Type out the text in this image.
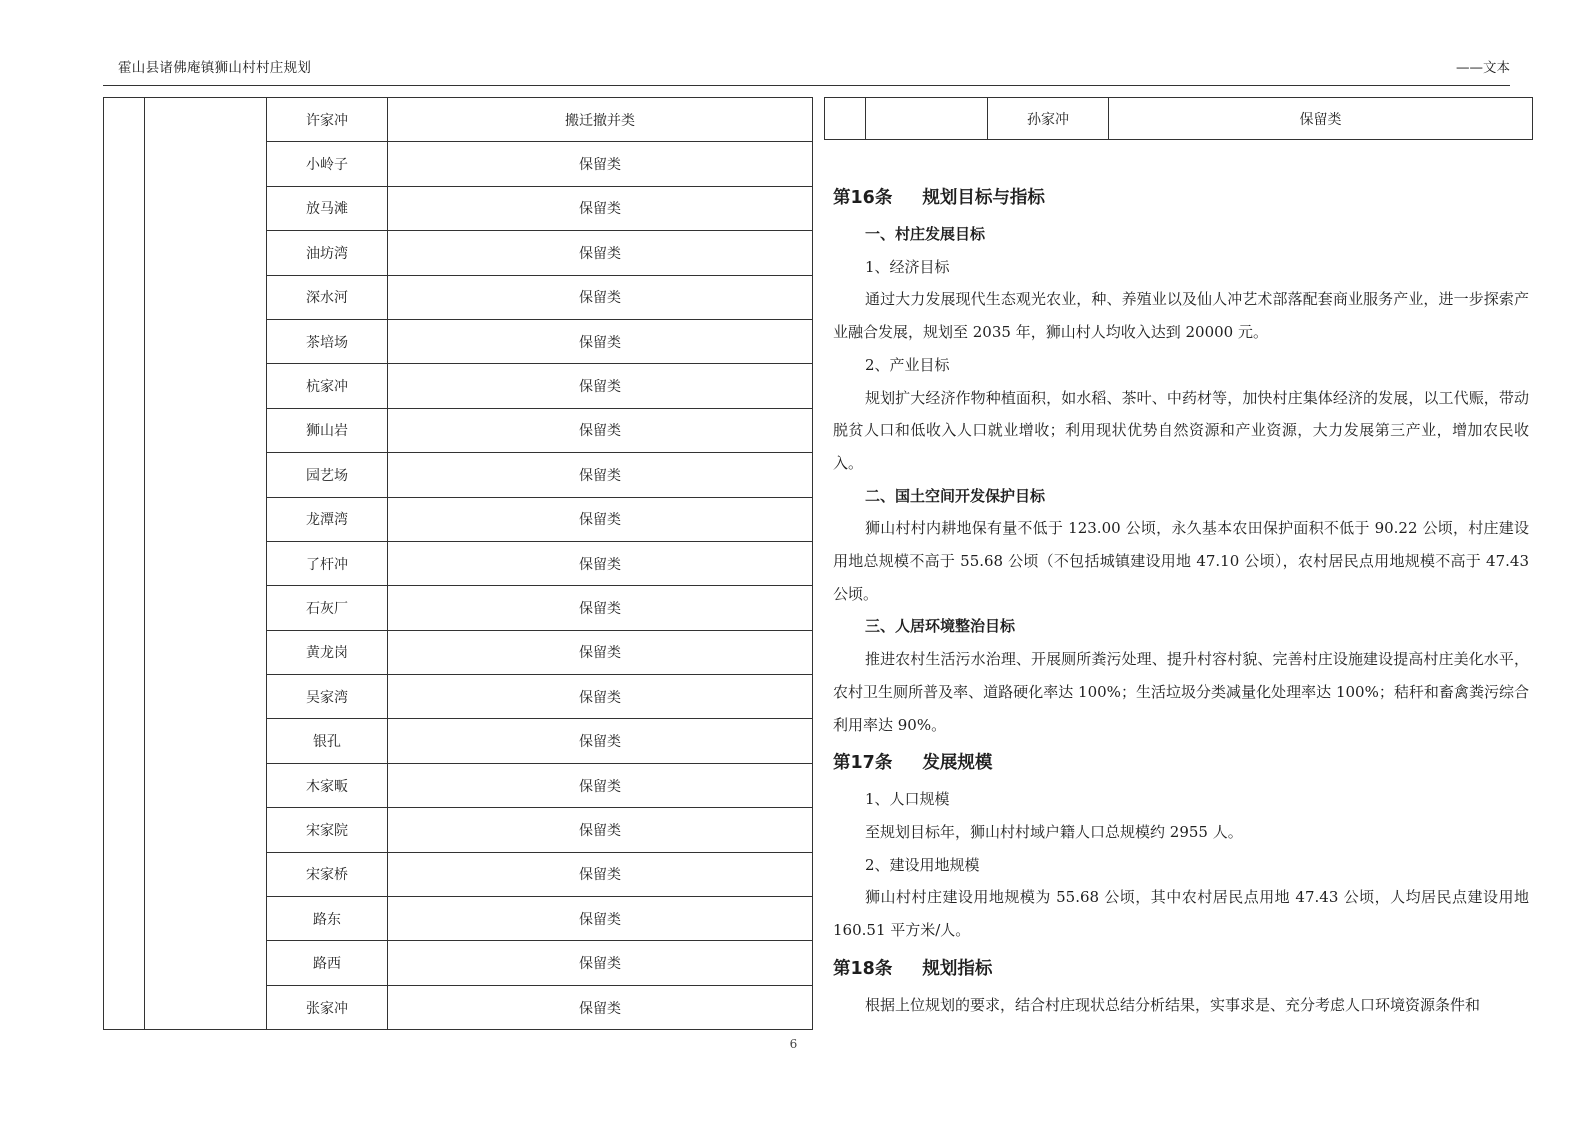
霍山县诸佛庵镇狮山村村庄规划	——文本
		许家冲	搬迁撤并类
		小岭子	保留类
		放马滩	保留类
		油坊湾	保留类
		深水河	保留类
		茶培场	保留类
		杭家冲	保留类
		狮山岩	保留类
		园艺场	保留类
		龙潭湾	保留类
		了杆冲	保留类
		石灰厂	保留类
		黄龙岗	保留类
		吴家湾	保留类
		银孔	保留类
		木家畈	保留类
		宋家院	保留类
		宋家桥	保留类
		路东	保留类
		路西	保留类
		张家冲	保留类
		孙家冲	保留类
第16条 规划目标与指标

一、村庄发展目标

1、经济目标

通过大力发展现代生态观光农业，种、养殖业以及仙人冲艺术部落配套商业服务产业，进一步探索产业融合发展，规划至 2035 年，狮山村人均收入达到 20000 元。

2、产业目标

规划扩大经济作物种植面积，如水稻、茶叶、中药材等，加快村庄集体经济的发展，以工代赈，带动脱贫人口和低收入人口就业增收；利用现状优势自然资源和产业资源，大力发展第三产业，增加农民收入。

二、国土空间开发保护目标

狮山村村内耕地保有量不低于 123.00 公顷，永久基本农田保护面积不低于 90.22 公顷，村庄建设用地总规模不高于 55.68 公顷（不包括城镇建设用地 47.10 公顷），农村居民点用地规模不高于 47.43 公顷。

三、人居环境整治目标

推进农村生活污水治理、开展厕所粪污处理、提升村容村貌、完善村庄设施建设提高村庄美化水平，农村卫生厕所普及率、道路硬化率达 100%；生活垃圾分类减量化处理率达 100%；秸秆和畜禽粪污综合利用率达 90%。

第17条 发展规模

1、人口规模

至规划目标年，狮山村村域户籍人口总规模约 2955 人。

2、建设用地规模

狮山村村庄建设用地规模为 55.68 公顷，其中农村居民点用地 47.43 公顷，人均居民点建设用地 160.51 平方米/人。

第18条 规划指标

根据上位规划的要求，结合村庄现状总结分析结果，实事求是、充分考虑人口环境资源条件和

6
